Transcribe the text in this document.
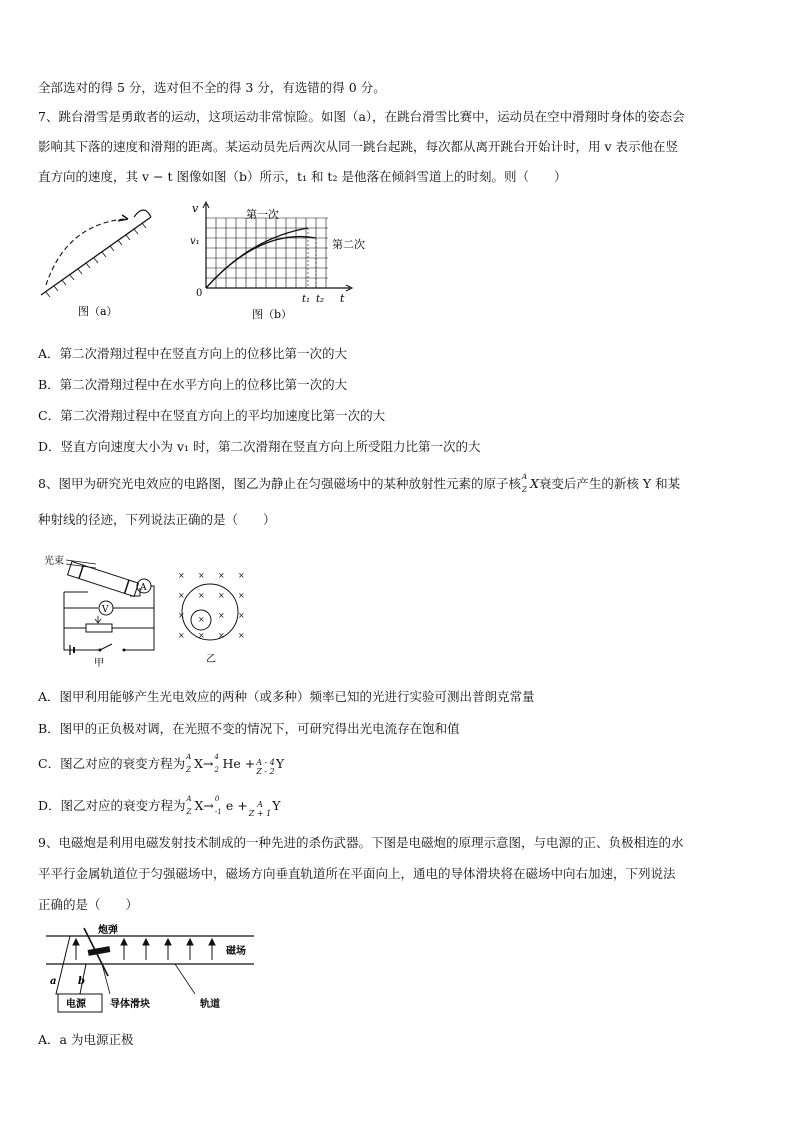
全部选对的得 5 分，选对但不全的得 3 分，有选错的得 0 分。
7、跳台滑雪是勇敢者的运动，这项运动非常惊险。如图（a），在跳台滑雪比赛中，运动员在空中滑翔时身体的姿态会
影响其下落的速度和滑翔的距离。某运动员先后两次从同一跳台起跳，每次都从离开跳台开始计时，用 v 表示他在竖
直方向的速度，其 v − t 图像如图（b）所示，t₁ 和 t₂ 是他落在倾斜雪道上的时刻。则（　　）
图（a）
v
v₁
0
t₁ t₂ t
第一次
第二次
图（b）
A．第二次滑翔过程中在竖直方向上的位移比第一次的大
B．第二次滑翔过程中在水平方向上的位移比第一次的大
C．第二次滑翔过程中在竖直方向上的平均加速度比第一次的大
D．竖直方向速度大小为 v₁ 时，第二次滑翔在竖直方向上所受阻力比第一次的大
8、图甲为研究光电效应的电路图，图乙为静止在匀强磁场中的某种放射性元素的原子核 A
Z X衰变后产生的新核 Y 和某
种射线的径迹，下列说法正确的是（　　）
光束
A
V
甲
× × × ×
× × × ×
× × × ×
× × × ×
乙
A．图甲利用能够产生光电效应的两种（或多种）频率已知的光进行实验可测出普朗克常量
B．图甲的正负极对调，在光照不变的情况下，可研究得出光电流存在饱和值
C．图乙对应的衰变方程为 A
Z X→ 4
2 He + A - 4
Z - 2
Y
D．图乙对应的衰变方程为 A
Z X→ 0
-1 e +	A
Z + 1
Y
9、电磁炮是利用电磁发射技术制成的一种先进的杀伤武器。下图是电磁炮的原理示意图，与电源的正、负极相连的水
平平行金属轨道位于匀强磁场中，磁场方向垂直轨道所在平面向上，通电的导体滑块将在磁场中向右加速，下列说法
正确的是（　　）
炮弹
磁场
a b
电源 导体滑块	轨道
A．a 为电源正极
